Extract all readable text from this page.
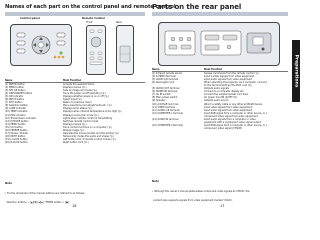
Names of each part on the control panel and remote control
Control panel	Remote Control
Front	Rear
Name	Main Function
(1) ENTER button	Accepts the selected items
(2) MENU button	Displays menus ('p.)
(3) SET UP button	Sets up image and mode ('p.)
(4) ON/STANDBY button	Turns the power on/off (standby) ('p.)
(5) ON indicator	Displays whether power is on or off ('p.)
(6) INPUT button	Select input ('p.)
(7) EXIT button	Return to previous menu
(8) Selection button	Menu selections and adjustments,etc. ('p.)
(9) LAMP indicator	Displays lamp status ('p.)
(10) TEMP indicator	Displays when internal temperature is too high ('p.)
(11) FAN indicator	Displays cooling fan mode ('p.)
(12) Transmission indicator	Lights when remote control is transmitting
(13) PJ MODE button	Switches remote control mode
(14) MENU button	Displays menus ('p.)
(15) Ctrl button	Turns control functions on a computer ('p.)
(16) FREEZE button	Pauses image ('p.)
(17) Mouse / Pointer	Operates the mouse pointer and the pointer ('p.)
(18) MUTE button	Temporarily mutes the audio and image ('p.)
(19) L-CLICK button	Left button click of remote control mouse ('p.)
(20) R-CLICK button	Right button click ('p.)
Note

• For the remainder of this manual buttons are referred to as follows:

Selection buttons → [▲][▼][◄][►]  ENTER button → [●]

16
Parts on the rear panel
Name	Main Function
(1) Infrared remote sensor	Senses commands from the remote control ('p.)
(2) S-VIDEO terminal	Input S-video signals from video equipment
(3) AUDIO L/R terminal	Input audio signals from video equipment
(4) Kensington lock	When operating the projector via a computer, connect
to this terminal with an RS-232C cord ('p.)
(5) AUDIO OUT terminal	Outputs audio signals
(6) MONITOR terminal	Connect to a computer display etc.
(7) AC IN socket	Connect the supplied power cord here.
(8) Main power switch	AC power line ON (I)/OFF (O)
(9) Speaker	Outputs audio sound.
(10) Antitheft lock hole	Attach a safety cable or any other antitheft device.
(11) VIDEO terminal	Input video signals from video equipment.
(12) AUDIO L/R terminal	Input audio signals from video equipment
(13) COMPUTER 1 terminal	Input RGB signal from a computer or other source, or a
component video signal from video equipment
(14) AUDIO IN terminal	Input audio signals from a computer or video
equipment with a component video signal output
(15) COMPUTER 2 terminal	Input RGB signal from a computer or other source, or a
component video signal (Y/Pb/Pr)
Note

• Although this owner's manual abbreviates component video signals as Y/Pb/Pr, the

product also supports signals from video equipment marked Y/Cb/Cr.

17
Preparations
